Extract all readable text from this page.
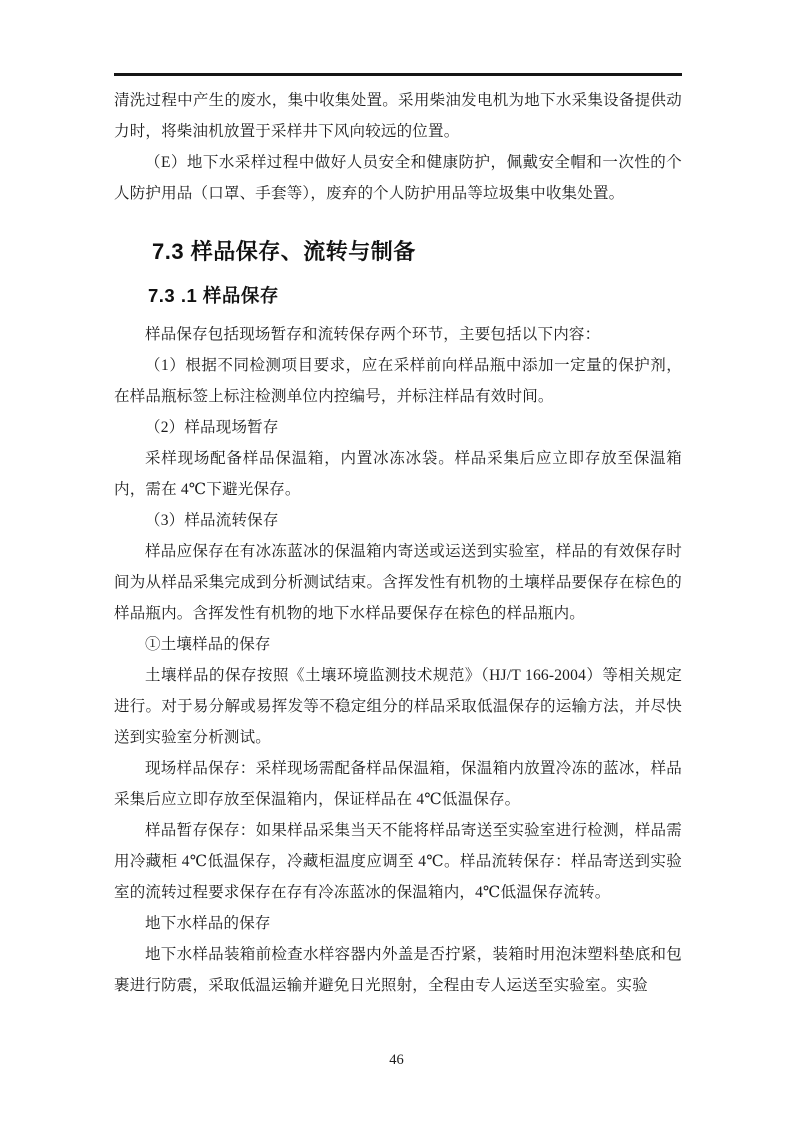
清洗过程中产生的废水，集中收集处置。采用柴油发电机为地下水采集设备提供动力时，将柴油机放置于采样井下风向较远的位置。

（E）地下水采样过程中做好人员安全和健康防护，佩戴安全帽和一次性的个人防护用品（口罩、手套等），废弃的个人防护用品等垃圾集中收集处置。

7.3 样品保存、流转与制备
7.3 .1 样品保存

样品保存包括现场暂存和流转保存两个环节，主要包括以下内容：

（1）根据不同检测项目要求，应在采样前向样品瓶中添加一定量的保护剂，在样品瓶标签上标注检测单位内控编号，并标注样品有效时间。

（2）样品现场暂存

采样现场配备样品保温箱，内置冰冻冰袋。样品采集后应立即存放至保温箱内，需在 4℃下避光保存。

（3）样品流转保存

样品应保存在有冰冻蓝冰的保温箱内寄送或运送到实验室，样品的有效保存时间为从样品采集完成到分析测试结束。含挥发性有机物的土壤样品要保存在棕色的样品瓶内。含挥发性有机物的地下水样品要保存在棕色的样品瓶内。

①土壤样品的保存

土壤样品的保存按照《土壤环境监测技术规范》（HJ/T 166-2004）等相关规定进行。对于易分解或易挥发等不稳定组分的样品采取低温保存的运输方法，并尽快送到实验室分析测试。

现场样品保存：采样现场需配备样品保温箱，保温箱内放置冷冻的蓝冰，样品采集后应立即存放至保温箱内，保证样品在 4℃低温保存。

样品暂存保存：如果样品采集当天不能将样品寄送至实验室进行检测，样品需用冷藏柜 4℃低温保存，冷藏柜温度应调至 4℃。样品流转保存：样品寄送到实验室的流转过程要求保存在存有冷冻蓝冰的保温箱内，4℃低温保存流转。

地下水样品的保存

地下水样品装箱前检查水样容器内外盖是否拧紧，装箱时用泡沫塑料垫底和包裹进行防震，采取低温运输并避免日光照射，全程由专人运送至实验室。实验

46
